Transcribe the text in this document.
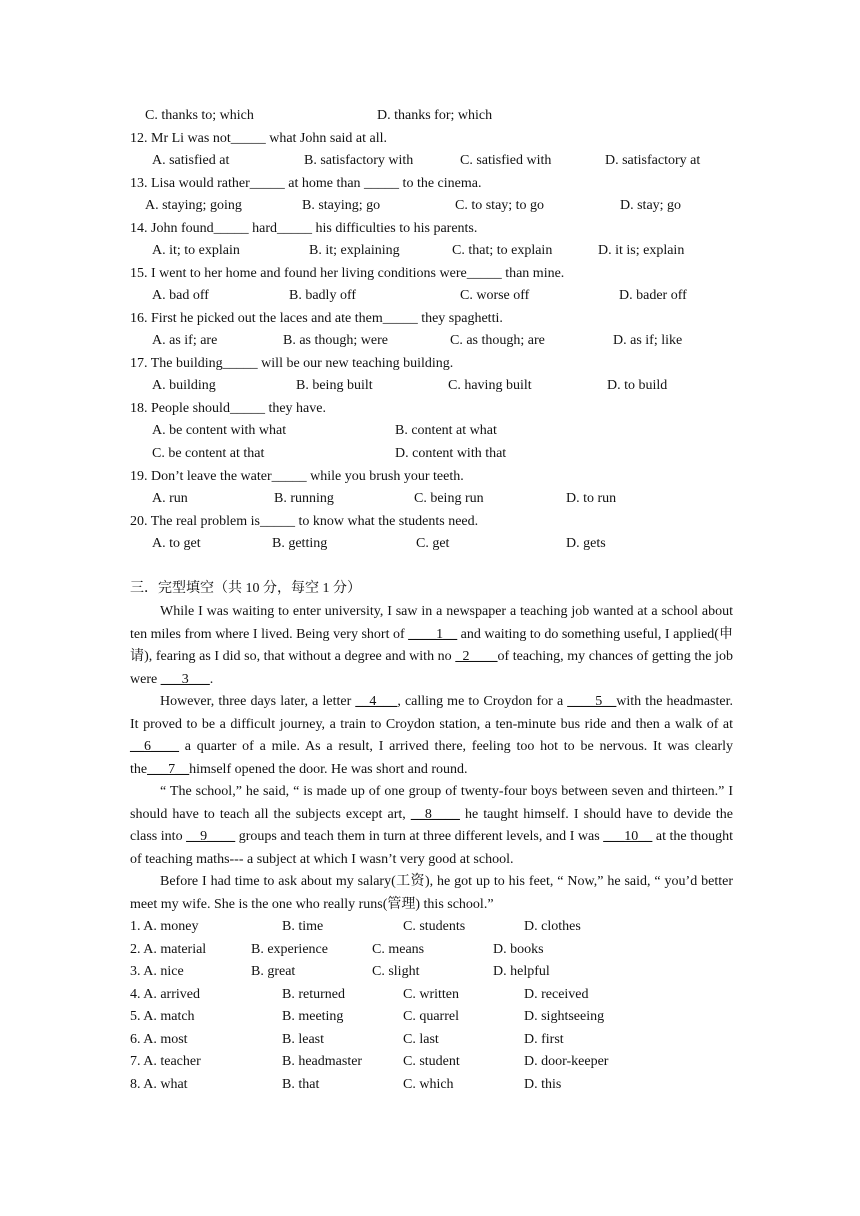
C. thanks to; which	D. thanks for; which
12. Mr Li was not_____ what John said at all.
A. satisfied at	B. satisfactory with	C. satisfied with	D. satisfactory at
13. Lisa would rather_____ at home than _____ to the cinema.
A. staying; going	B. staying; go	C. to stay; to go	D. stay; go
14. John found_____ hard_____ his difficulties to his parents.
A. it; to explain	B. it; explaining	C. that; to explain	D. it is; explain
15. I went to her home and found her living conditions were_____ than mine.
A. bad off	B. badly off	C. worse off	D. bader off
16. First he picked out the laces and ate them_____ they spaghetti.
A. as if; are	B. as though; were	C. as though; are	D. as if; like
17. The building_____ will be our new teaching building.
A. building	B. being built	C. having built	D. to build
18. People should_____ they have.
A. be content with what	B. content at what
C. be content at that	D. content with that
19. Don’t leave the water_____ while you brush your teeth.
A. run	B. running	C. being run	D. to run
20. The real problem is_____ to know what the students need.
A. to get	B. getting	C. get	D. gets
三．完型填空（共 10 分，每空 1 分）
While I was waiting to enter university, I saw in a newspaper a teaching job wanted at a school about ten miles from where I lived. Being very short of ____1__ and waiting to do something useful, I applied(申请), fearing as I did so, that without a degree and with no   2____of teaching, my chances of getting the job were ___3___.
However, three days later, a letter __4___, calling me to Croydon for a ____5__with the headmaster. It proved to be a difficult journey, a train to Croydon station, a ten-minute bus ride and then a walk of at __6____ a quarter of a mile. As a result, I arrived there, feeling too hot to be nervous. It was clearly the___7__himself opened the door. He was short and round.
“ The school,” he said, “ is made up of one group of twenty-four boys between seven and thirteen.” I should have to teach all the subjects except art, __8____ he taught himself. I should have to devide the class into __9____ groups and teach them in turn at three different levels, and I was ___10__ at the thought of teaching maths--- a subject at which I wasn’t very good at school.
Before I had time to ask about my salary(工资), he got up to his feet, “ Now,” he said, “ you’d better meet my wife. She is the one who really runs(管理) this school.”
1. A. money	B. time	C. students	D. clothes
2. A. material	B. experience	C. means	D. books
3. A. nice	B. great	C. slight	D. helpful
4. A. arrived	B. returned	C. written	D. received
5. A. match	B. meeting	C. quarrel	D. sightseeing
6. A. most	B. least	C. last	D. first
7. A. teacher	B. headmaster	C. student	D. door-keeper
8. A. what	B. that	C. which	D. this
